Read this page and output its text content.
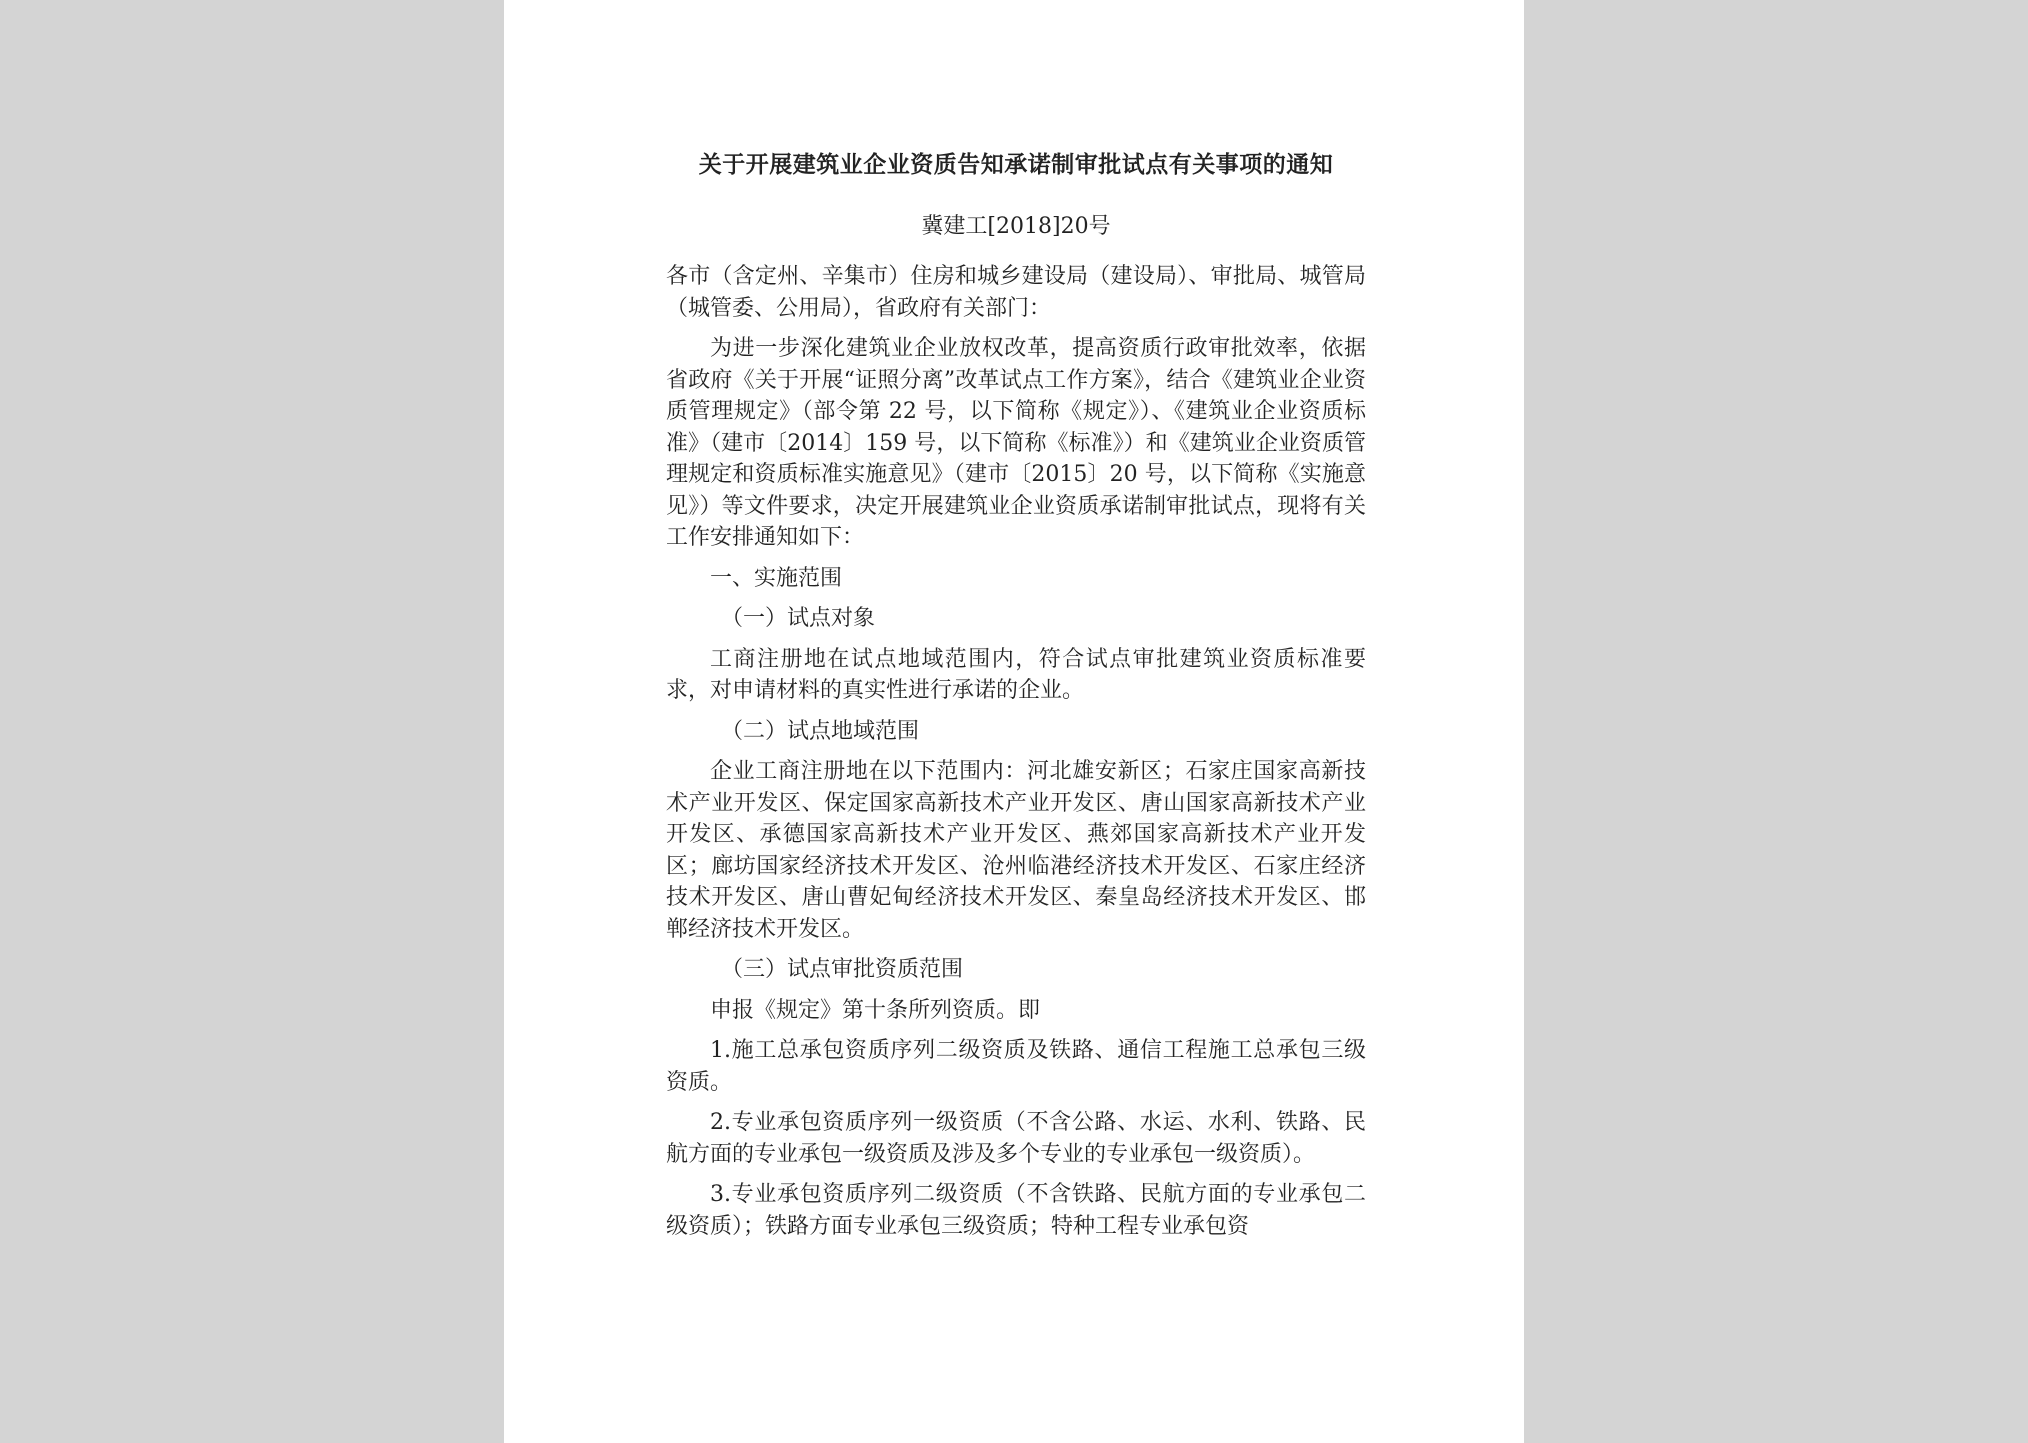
关于开展建筑业企业资质告知承诺制审批试点有关事项的通知
冀建工[2018]20号

各市（含定州、辛集市）住房和城乡建设局（建设局）、审批局、城管局（城管委、公用局），省政府有关部门：

为进一步深化建筑业企业放权改革，提高资质行政审批效率，依据省政府《关于开展“证照分离”改革试点工作方案》，结合《建筑业企业资质管理规定》（部令第 22 号，以下简称《规定》）、《建筑业企业资质标准》（建市〔2014〕159 号，以下简称《标准》）和《建筑业企业资质管理规定和资质标准实施意见》（建市〔2015〕20 号，以下简称《实施意见》）等文件要求，决定开展建筑业企业资质承诺制审批试点，现将有关工作安排通知如下：

一、实施范围

（一）试点对象

工商注册地在试点地域范围内，符合试点审批建筑业资质标准要求，对申请材料的真实性进行承诺的企业。

（二）试点地域范围

企业工商注册地在以下范围内：河北雄安新区；石家庄国家高新技术产业开发区、保定国家高新技术产业开发区、唐山国家高新技术产业开发区、承德国家高新技术产业开发区、燕郊国家高新技术产业开发区；廊坊国家经济技术开发区、沧州临港经济技术开发区、石家庄经济技术开发区、唐山曹妃甸经济技术开发区、秦皇岛经济技术开发区、邯郸经济技术开发区。

（三）试点审批资质范围

申报《规定》第十条所列资质。即

1.施工总承包资质序列二级资质及铁路、通信工程施工总承包三级资质。

2.专业承包资质序列一级资质（不含公路、水运、水利、铁路、民航方面的专业承包一级资质及涉及多个专业的专业承包一级资质）。

3.专业承包资质序列二级资质（不含铁路、民航方面的专业承包二级资质）；铁路方面专业承包三级资质；特种工程专业承包资
